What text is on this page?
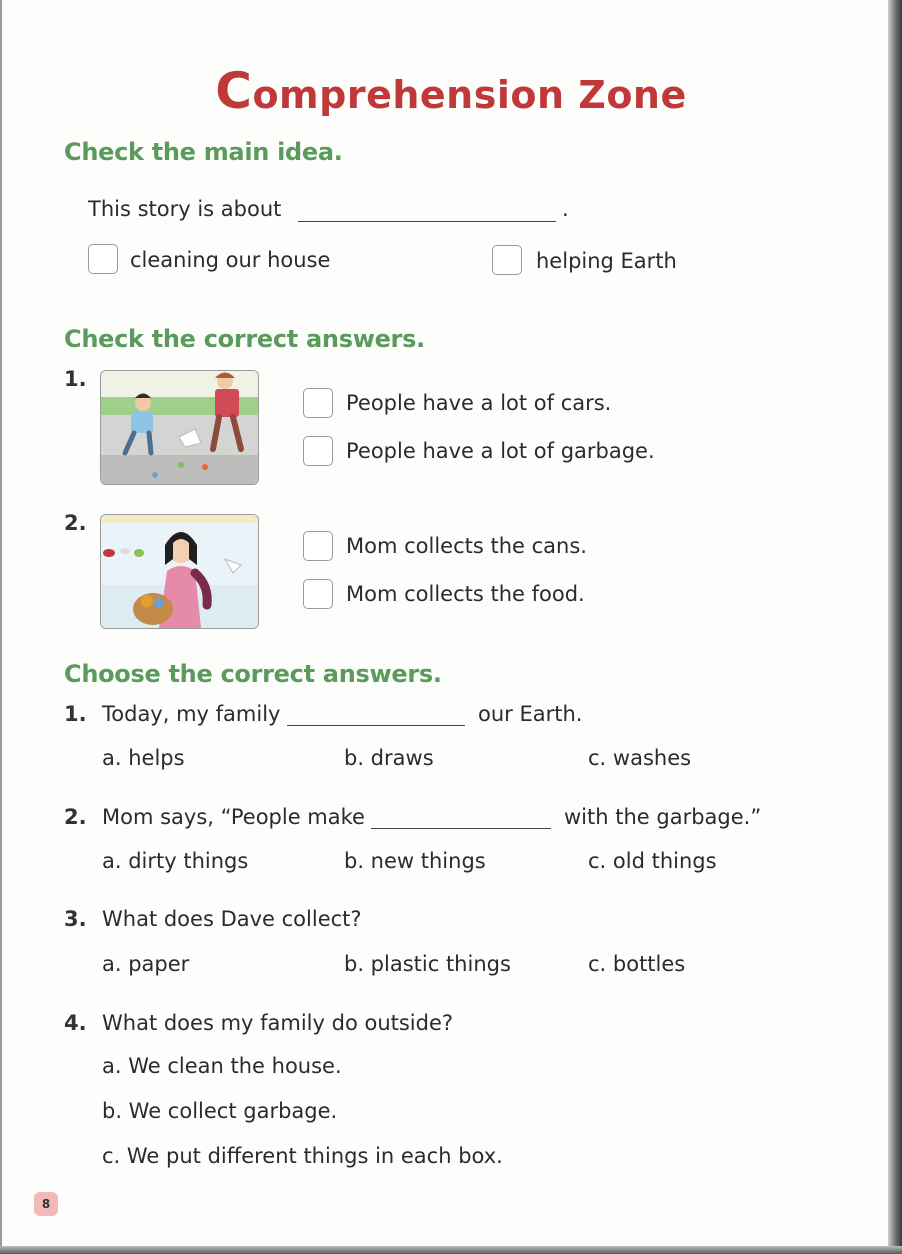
Comprehension Zone
Check the main idea.
This story is about	.
cleaning our house	helping Earth
Check the correct answers.
1.
People have a lot of cars.
People have a lot of garbage.
2.
Mom collects the cans.
Mom collects the food.
Choose the correct answers.
1. Today, my family	our Earth.
a. helps	b. draws	c. washes
2. Mom says, “People make	with the garbage.”
a. dirty things	b. new things	c. old things
3. What does Dave collect?
a. paper	b. plastic things	c. bottles
4. What does my family do outside?
a. We clean the house.
b. We collect garbage.
c. We put different things in each box.
8
